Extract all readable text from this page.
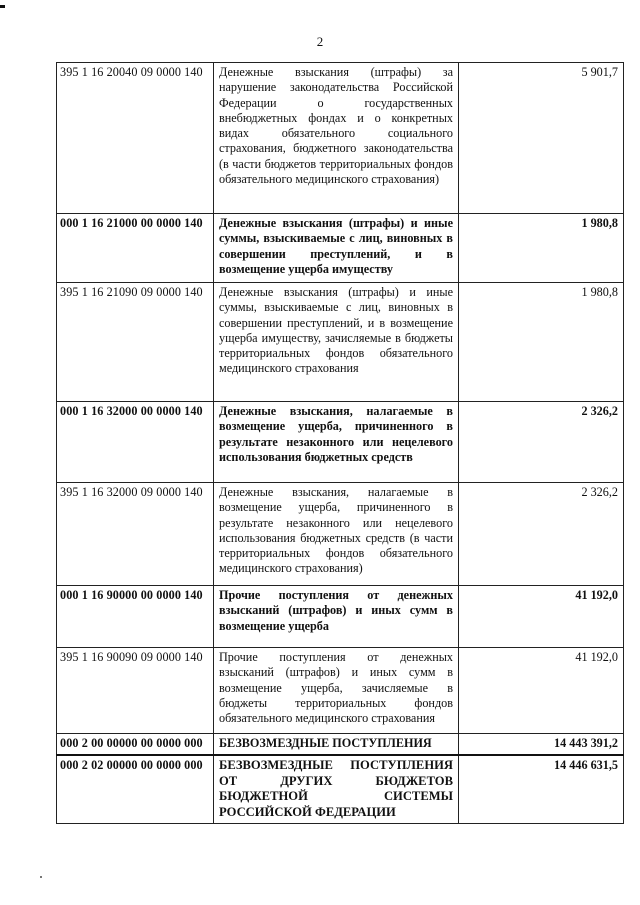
2
395 1 16 20040 09 0000 140	Денежные взыскания (штрафы) за нарушение законодательства Российской Федерации о государственных внебюджетных фондах и о конкретных видах обязательного социального страхования, бюджетного законодательства (в части бюджетов территориальных фондов обязательного медицинского страхования)	5 901,7
000 1 16 21000 00 0000 140	Денежные взыскания (штрафы) и иные суммы, взыскиваемые с лиц, виновных в совершении преступлений, и в возмещение ущерба имуществу	1 980,8
395 1 16 21090 09 0000 140	Денежные взыскания (штрафы) и иные суммы, взыскиваемые с лиц, виновных в совершении преступлений, и в возмещение ущерба имуществу, зачисляемые в бюджеты территориальных фондов обязательного медицинского страхования	1 980,8
000 1 16 32000 00 0000 140	Денежные взыскания, налагаемые в возмещение ущерба, причиненного в результате незаконного или нецелевого использования бюджетных средств	2 326,2
395 1 16 32000 09 0000 140	Денежные взыскания, налагаемые в возмещение ущерба, причиненного в результате незаконного или нецелевого использования бюджетных средств (в части территориальных фондов обязательного медицинского страхования)	2 326,2
000 1 16 90000 00 0000 140	Прочие поступления от денежных взысканий (штрафов) и иных сумм в возмещение ущерба	41 192,0
395 1 16 90090 09 0000 140	Прочие поступления от денежных взысканий (штрафов) и иных сумм в возмещение ущерба, зачисляемые в бюджеты территориальных фондов обязательного медицинского страхования	41 192,0
000 2 00 00000 00 0000 000	БЕЗВОЗМЕЗДНЫЕ ПОСТУПЛЕНИЯ	14 443 391,2
000 2 02 00000 00 0000 000	БЕЗВОЗМЕЗДНЫЕ ПОСТУПЛЕНИЯ ОТ ДРУГИХ БЮДЖЕТОВ БЮДЖЕТНОЙ СИСТЕМЫ РОССИЙСКОЙ ФЕДЕРАЦИИ	14 446 631,5
